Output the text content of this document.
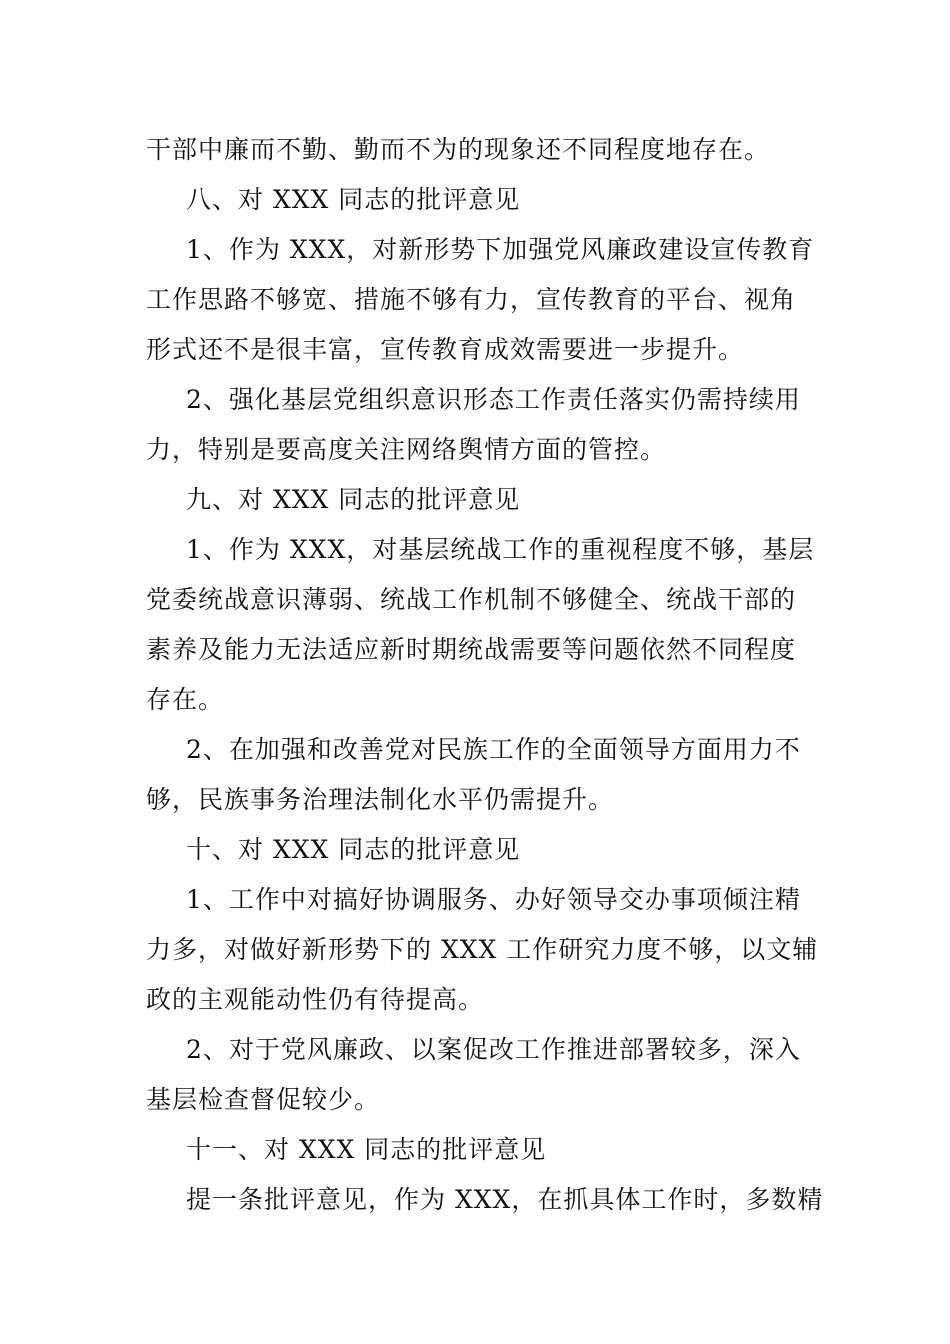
干部中廉而不勤、勤而不为的现象还不同程度地存在。
八、对 XXX 同志的批评意见
1、作为 XXX，对新形势下加强党风廉政建设宣传教育
工作思路不够宽、措施不够有力，宣传教育的平台、视角
形式还不是很丰富，宣传教育成效需要进一步提升。
2、强化基层党组织意识形态工作责任落实仍需持续用
力，特别是要高度关注网络舆情方面的管控。
九、对 XXX 同志的批评意见
1、作为 XXX，对基层统战工作的重视程度不够，基层
党委统战意识薄弱、统战工作机制不够健全、统战干部的
素养及能力无法适应新时期统战需要等问题依然不同程度
存在。
2、在加强和改善党对民族工作的全面领导方面用力不
够，民族事务治理法制化水平仍需提升。
十、对 XXX 同志的批评意见
1、工作中对搞好协调服务、办好领导交办事项倾注精
力多，对做好新形势下的 XXX 工作研究力度不够，以文辅
政的主观能动性仍有待提高。
2、对于党风廉政、以案促改工作推进部署较多，深入
基层检查督促较少。
十一、对 XXX 同志的批评意见
提一条批评意见，作为 XXX，在抓具体工作时，多数精
